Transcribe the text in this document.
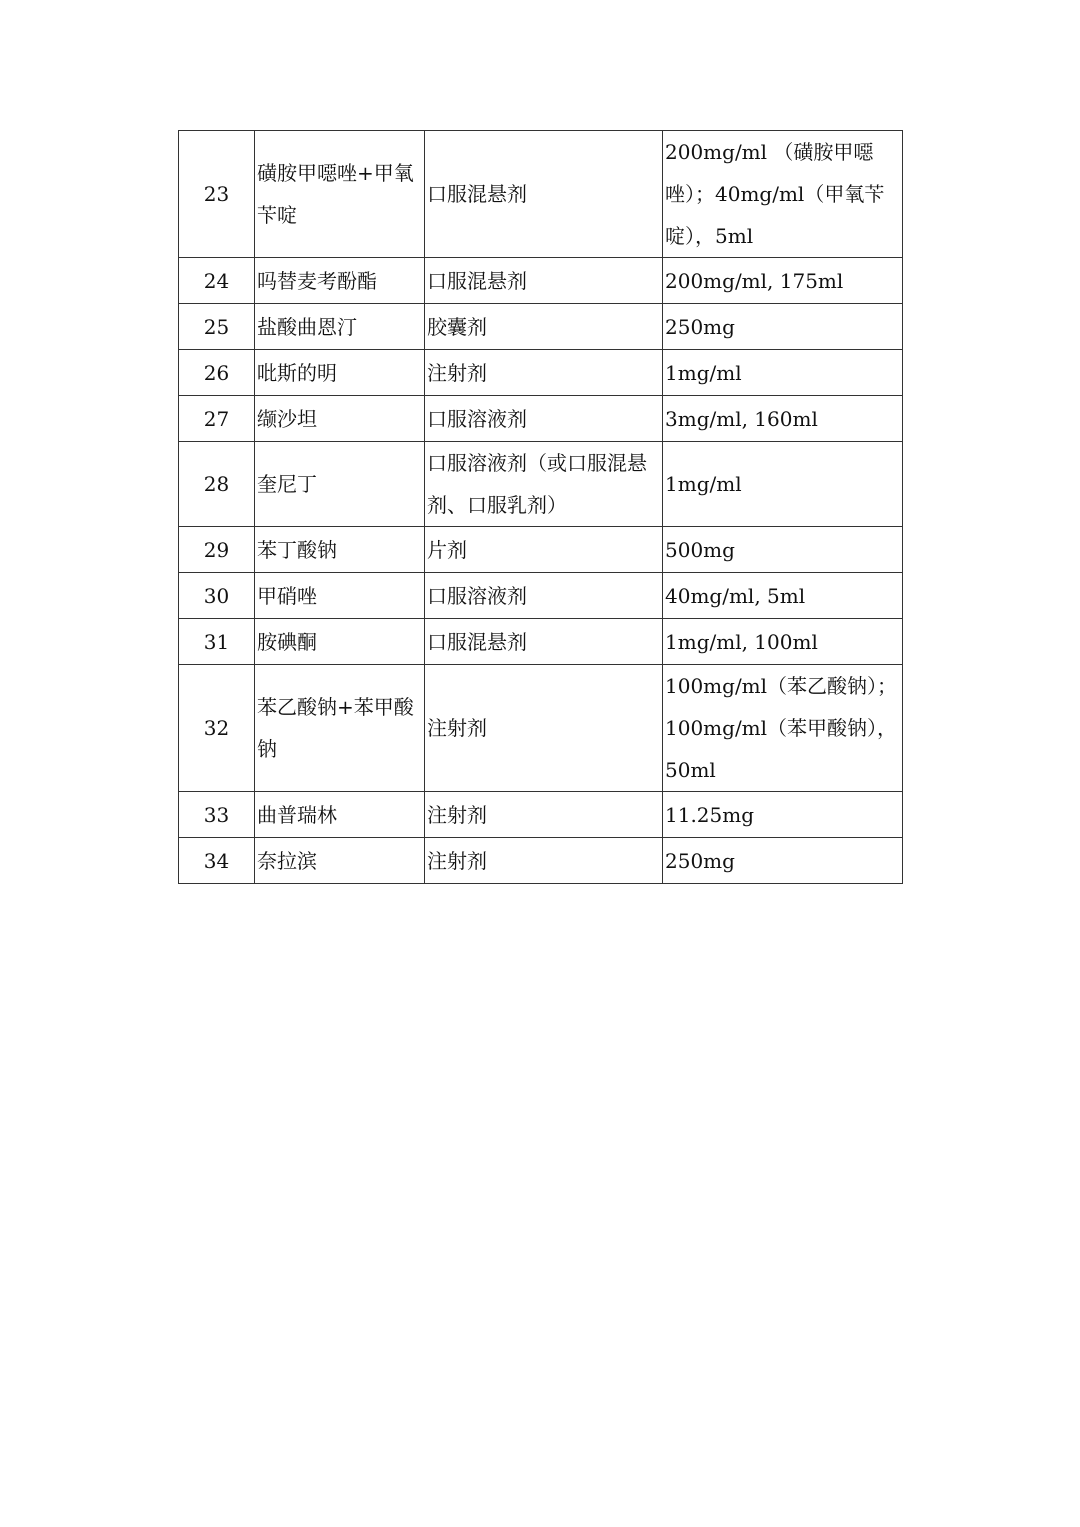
23	磺胺甲噁唑+甲氧苄啶	口服混悬剂	200mg/ml （磺胺甲噁唑）；40mg/ml（甲氧苄啶），5ml
24	吗替麦考酚酯	口服混悬剂	200mg/ml, 175ml
25	盐酸曲恩汀	胶囊剂	250mg
26	吡斯的明	注射剂	1mg/ml
27	缬沙坦	口服溶液剂	3mg/ml, 160ml
28	奎尼丁	口服溶液剂（或口服混悬剂、口服乳剂）	1mg/ml
29	苯丁酸钠	片剂	500mg
30	甲硝唑	口服溶液剂	40mg/ml, 5ml
31	胺碘酮	口服混悬剂	1mg/ml, 100ml
32	苯乙酸钠+苯甲酸钠	注射剂	100mg/ml（苯乙酸钠）；100mg/ml（苯甲酸钠），50ml
33	曲普瑞林	注射剂	11.25mg
34	奈拉滨	注射剂	250mg
